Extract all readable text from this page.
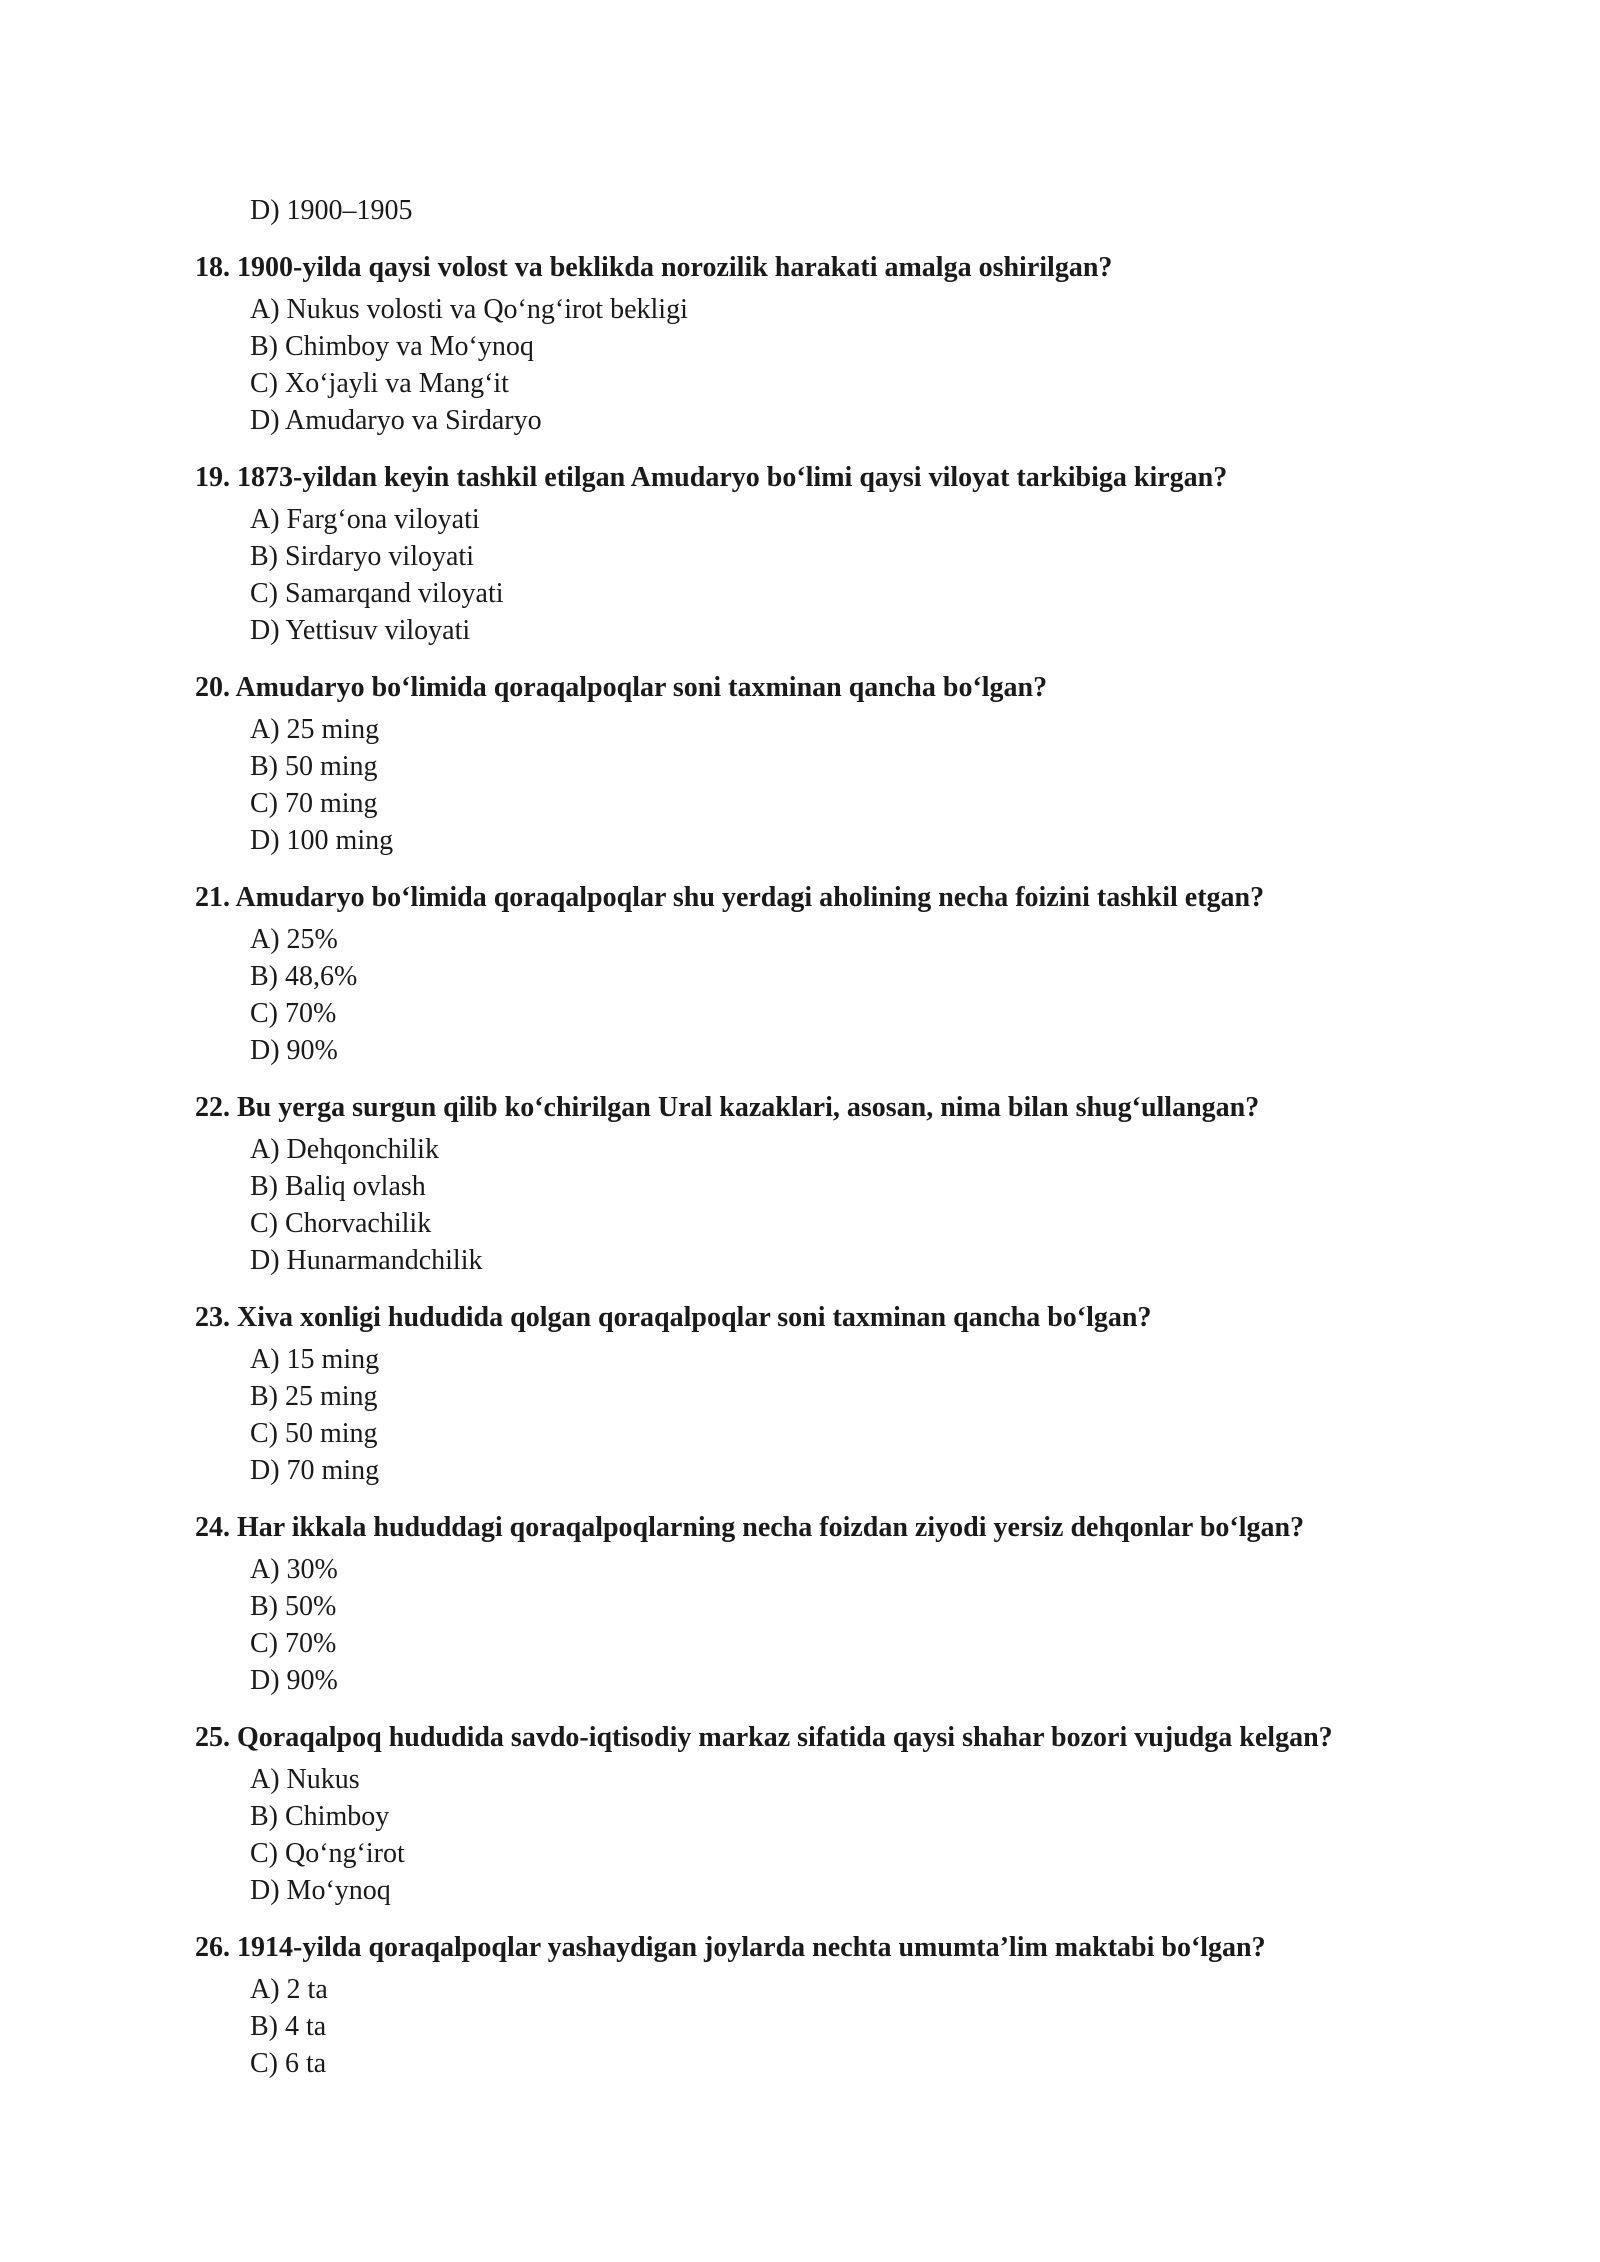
D) 1900–1905
18. 1900-yilda qaysi volost va beklikda norozilik harakati amalga oshirilgan?
A) Nukus volosti va Qo‘ng‘irot bekligi
B) Chimboy va Mo‘ynoq
C) Xo‘jayli va Mang‘it
D) Amudaryo va Sirdaryo
19. 1873-yildan keyin tashkil etilgan Amudaryo bo‘limi qaysi viloyat tarkibiga kirgan?
A) Farg‘ona viloyati
B) Sirdaryo viloyati
C) Samarqand viloyati
D) Yettisuv viloyati
20. Amudaryo bo‘limida qoraqalpoqlar soni taxminan qancha bo‘lgan?
A) 25 ming
B) 50 ming
C) 70 ming
D) 100 ming
21. Amudaryo bo‘limida qoraqalpoqlar shu yerdagi aholining necha foizini tashkil etgan?
A) 25%
B) 48,6%
C) 70%
D) 90%
22. Bu yerga surgun qilib ko‘chirilgan Ural kazaklari, asosan, nima bilan shug‘ullangan?
A) Dehqonchilik
B) Baliq ovlash
C) Chorvachilik
D) Hunarmandchilik
23. Xiva xonligi hududida qolgan qoraqalpoqlar soni taxminan qancha bo‘lgan?
A) 15 ming
B) 25 ming
C) 50 ming
D) 70 ming
24. Har ikkala hududdagi qoraqalpoqlarning necha foizdan ziyodi yersiz dehqonlar bo‘lgan?
A) 30%
B) 50%
C) 70%
D) 90%
25. Qoraqalpoq hududida savdo-iqtisodiy markaz sifatida qaysi shahar bozori vujudga kelgan?
A) Nukus
B) Chimboy
C) Qo‘ng‘irot
D) Mo‘ynoq
26. 1914-yilda qoraqalpoqlar yashaydigan joylarda nechta umumta’lim maktabi bo‘lgan?
A) 2 ta
B) 4 ta
C) 6 ta
